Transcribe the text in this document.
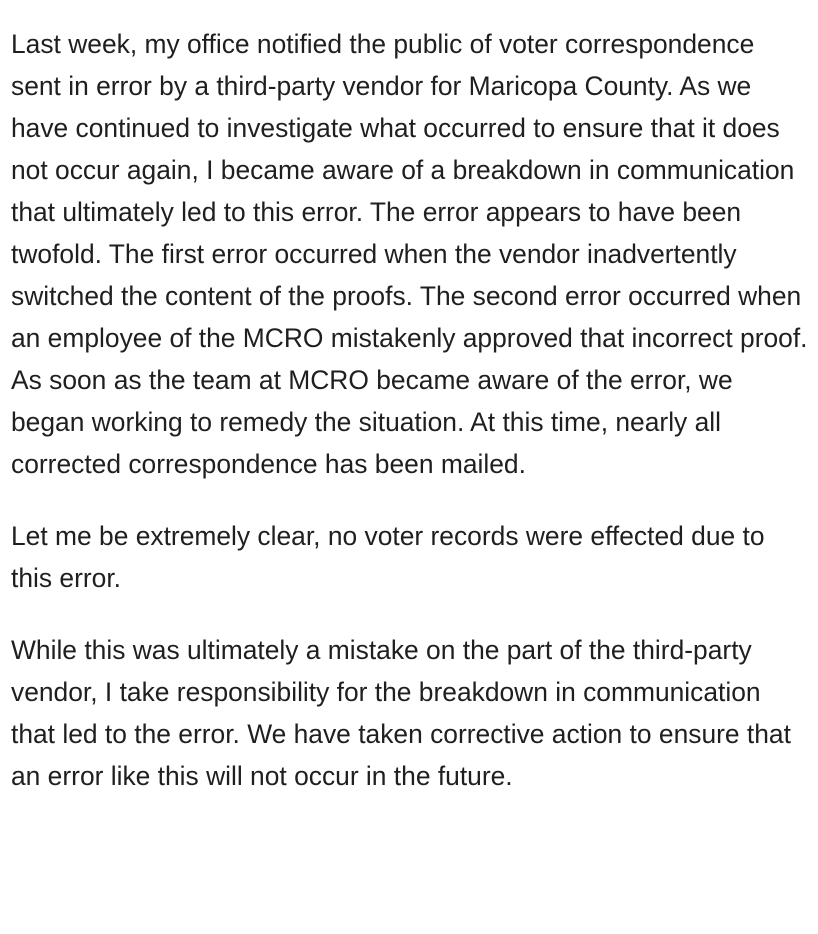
Last week, my office notified the public of voter correspondence sent in error by a third-party vendor for Maricopa County. As we have continued to investigate what occurred to ensure that it does not occur again, I became aware of a breakdown in communication that ultimately led to this error. The error appears to have been twofold. The first error occurred when the vendor inadvertently switched the content of the proofs. The second error occurred when an employee of the MCRO mistakenly approved that incorrect proof. As soon as the team at MCRO became aware of the error, we began working to remedy the situation. At this time, nearly all corrected correspondence has been mailed.

Let me be extremely clear, no voter records were effected due to this error.

While this was ultimately a mistake on the part of the third-party vendor, I take responsibility for the breakdown in communication that led to the error. We have taken corrective action to ensure that an error like this will not occur in the future.
